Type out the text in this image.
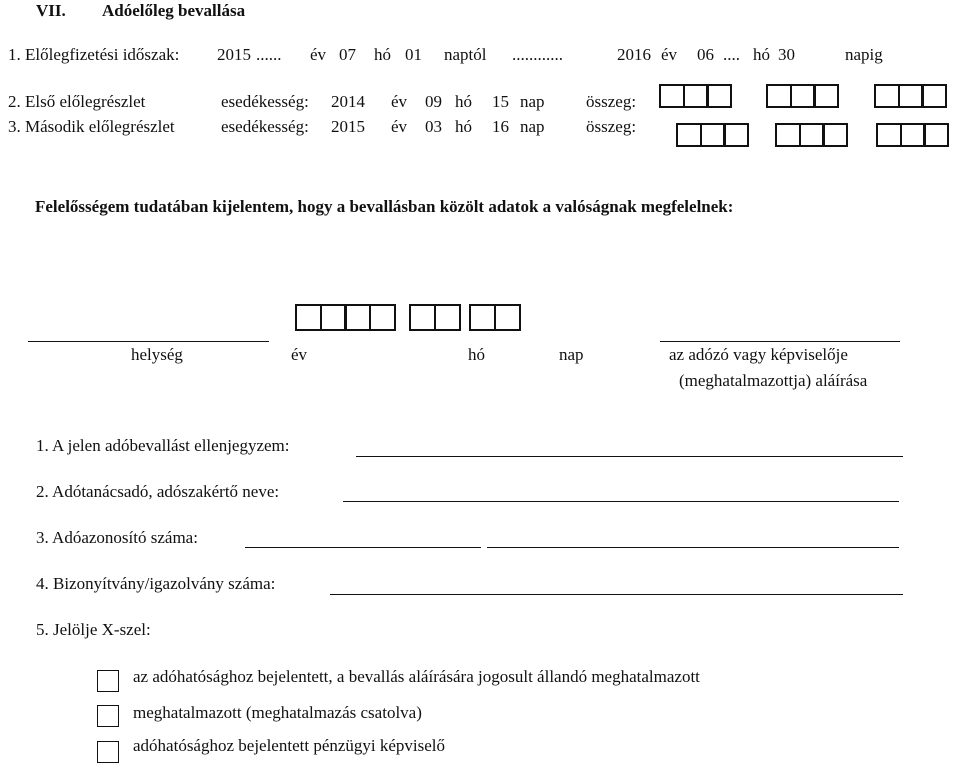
VII. Adóelőleg bevallása
1. Előlegfizetési időszak: 2015 ...... év 07 hó 01 naptól ............	2016 év 06 .... hó 30	napig
2. Első előlegrészlet	esedékesség: 2014 év 09 hó 15 nap összeg:
3. Második előlegrészlet	esedékesség: 2015 év 03 hó 16 nap összeg:
Felelősségem tudatában kijelentem, hogy a bevallásban közölt adatok a valóságnak megfelelnek:
helység	év	hó	nap	az adózó vagy képviselője
(meghatalmazottja) aláírása
1. A jelen adóbevallást ellenjegyzem:
2. Adótanácsadó, adószakértő neve:
3. Adóazonosító száma:
4. Bizonyítvány/igazolvány száma:
5. Jelölje X-szel:
az adóhatósághoz bejelentett, a bevallás aláírására jogosult állandó meghatalmazott
meghatalmazott (meghatalmazás csatolva)
adóhatósághoz bejelentett pénzügyi képviselő
